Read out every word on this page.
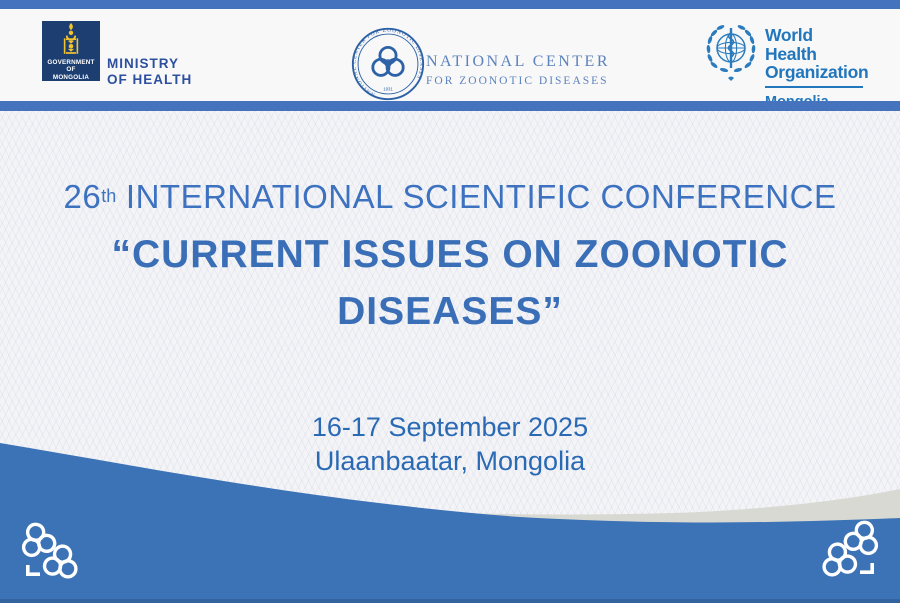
GOVERNMENT OF
MONGOLIA
MINISTRY
OF HEALTH
NATIONAL CENTER FOR ZOONOTIC DISEASES
1931
NATIONAL CENTER
FOR ZOONOTIC DISEASES
World Health
Organization
26th INTERNATIONAL SCIENTIFIC CONFERENCE
“CURRENT ISSUES ON ZOONOTIC
DISEASES”
16-17 September 2025
Ulaanbaatar, Mongolia
